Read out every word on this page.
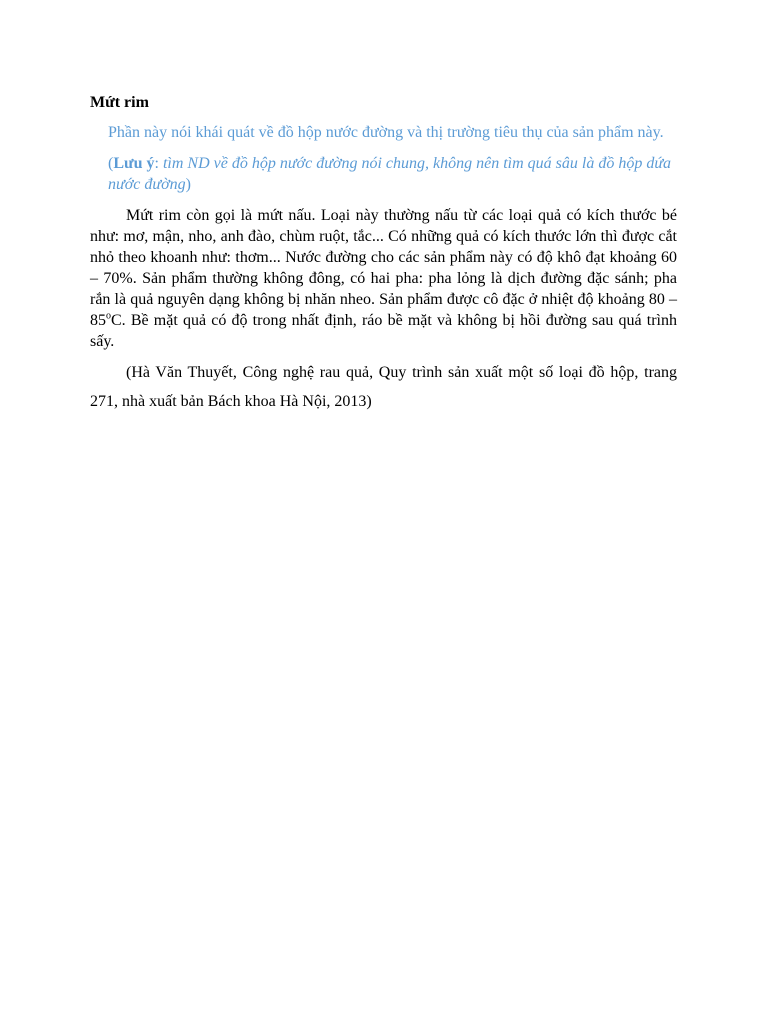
Mứt rim

Phần này nói khái quát về đồ hộp nước đường và thị trường tiêu thụ của sản phẩm này.

(Lưu ý: tìm ND về đồ hộp nước đường nói chung, không nên tìm quá sâu là đồ hộp dứa nước đường)

Mứt rim còn gọi là mứt nấu. Loại này thường nấu từ các loại quả có kích thước bé như: mơ, mận, nho, anh đào, chùm ruột, tắc... Có những quả có kích thước lớn thì được cắt nhỏ theo khoanh như: thơm... Nước đường cho các sản phẩm này có độ khô đạt khoảng 60 – 70%. Sản phẩm thường không đông, có hai pha: pha lỏng là dịch đường đặc sánh; pha rắn là quả nguyên dạng không bị nhăn nheo. Sản phẩm được cô đặc ở nhiệt độ khoảng 80 – 85$^o$C. Bề mặt quả có độ trong nhất định, ráo bề mặt và không bị hồi đường sau quá trình sấy.

(Hà Văn Thuyết, Công nghệ rau quả, Quy trình sản xuất một số loại đồ hộp, trang 271, nhà xuất bản Bách khoa Hà Nội, 2013)
